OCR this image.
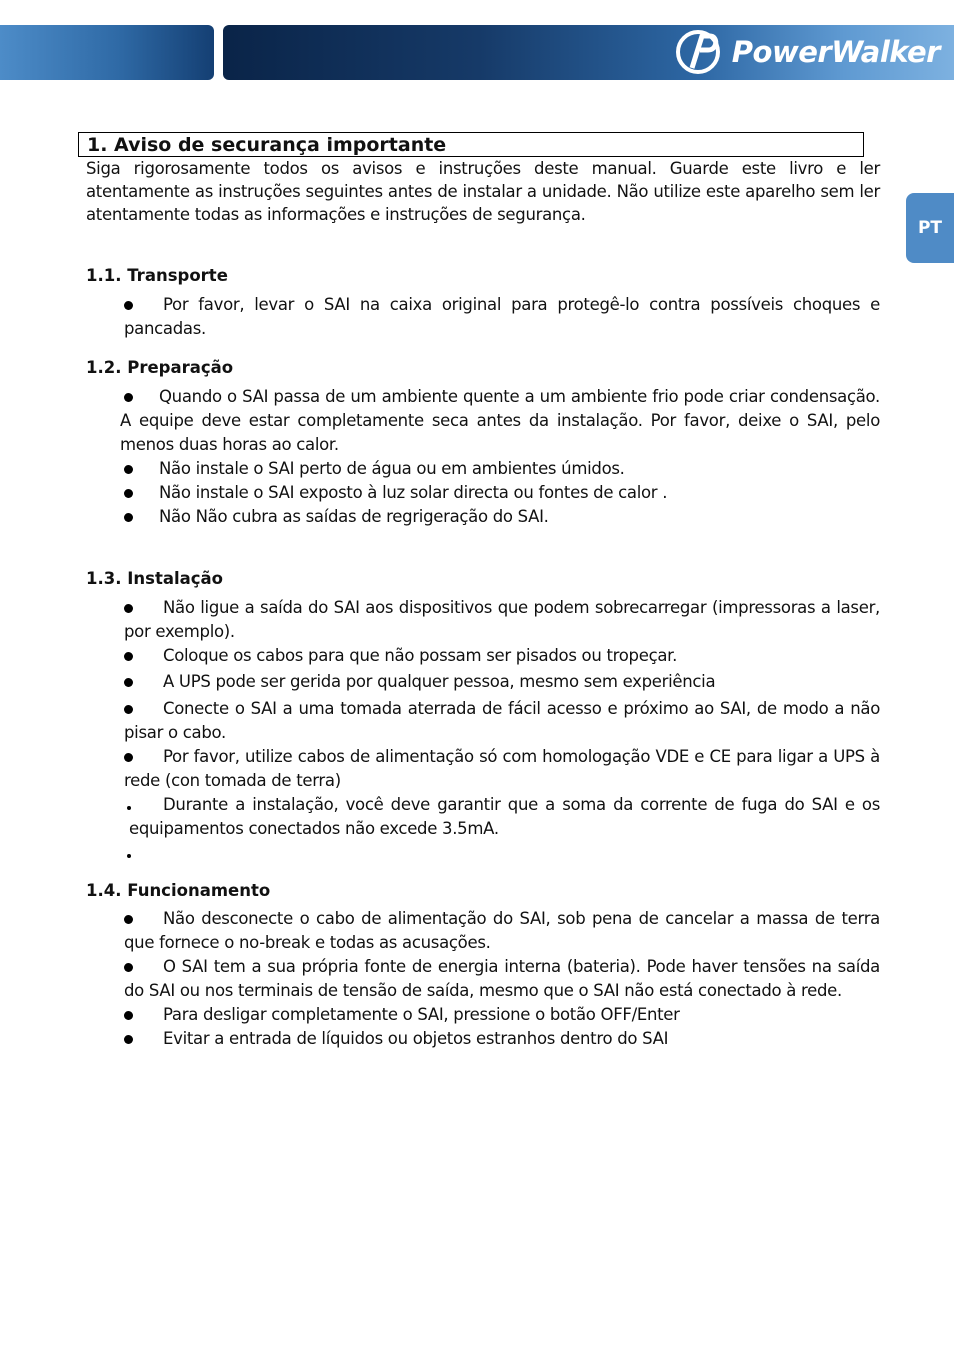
PowerWalker
PT
1. Aviso de securança importante

Siga rigorosamente todos os avisos e instruções deste manual. Guarde este livro e ler atentamente as instruções seguintes antes de instalar a unidade. Não utilize este aparelho sem ler atentamente todas as informações e instruções de segurança.

1.1. Transporte

Por favor, levar o SAI na caixa original para protegê-lo contra possíveis choques e pancadas.

1.2. Preparação

Quando o SAI passa de um ambiente quente a um ambiente frio pode criar condensação. A equipe deve estar completamente seca antes da instalação. Por favor, deixe o SAI, pelo menos duas horas ao calor.
Não instale o SAI perto de água ou em ambientes úmidos.
Não instale o SAI exposto à luz solar directa ou fontes de calor .
Não Não cubra as saídas de regrigeração do SAI.

1.3. Instalação

Não ligue a saída do SAI aos dispositivos que podem sobrecarregar (impressoras a laser, por exemplo).
Coloque os cabos para que não possam ser pisados ou tropeçar.
A UPS pode ser gerida por qualquer pessoa, mesmo sem experiência
Conecte o SAI a uma tomada aterrada de fácil acesso e próximo ao SAI, de modo a não pisar o cabo.
Por favor, utilize cabos de alimentação só com homologação VDE e CE para ligar a UPS à rede (con tomada de terra)
Durante a instalação, você deve garantir que a soma da corrente de fuga do SAI e os equipamentos conectados não excede 3.5mA.

1.4. Funcionamento

Não desconecte o cabo de alimentação do SAI, sob pena de cancelar a massa de terra que fornece o no-break e todas as acusações.
O SAI tem a sua própria fonte de energia interna (bateria). Pode haver tensões na saída do SAI ou nos terminais de tensão de saída, mesmo que o SAI não está conectado à rede.
Para desligar completamente o SAI, pressione o botão OFF/Enter
Evitar a entrada de líquidos ou objetos estranhos dentro do SAI
